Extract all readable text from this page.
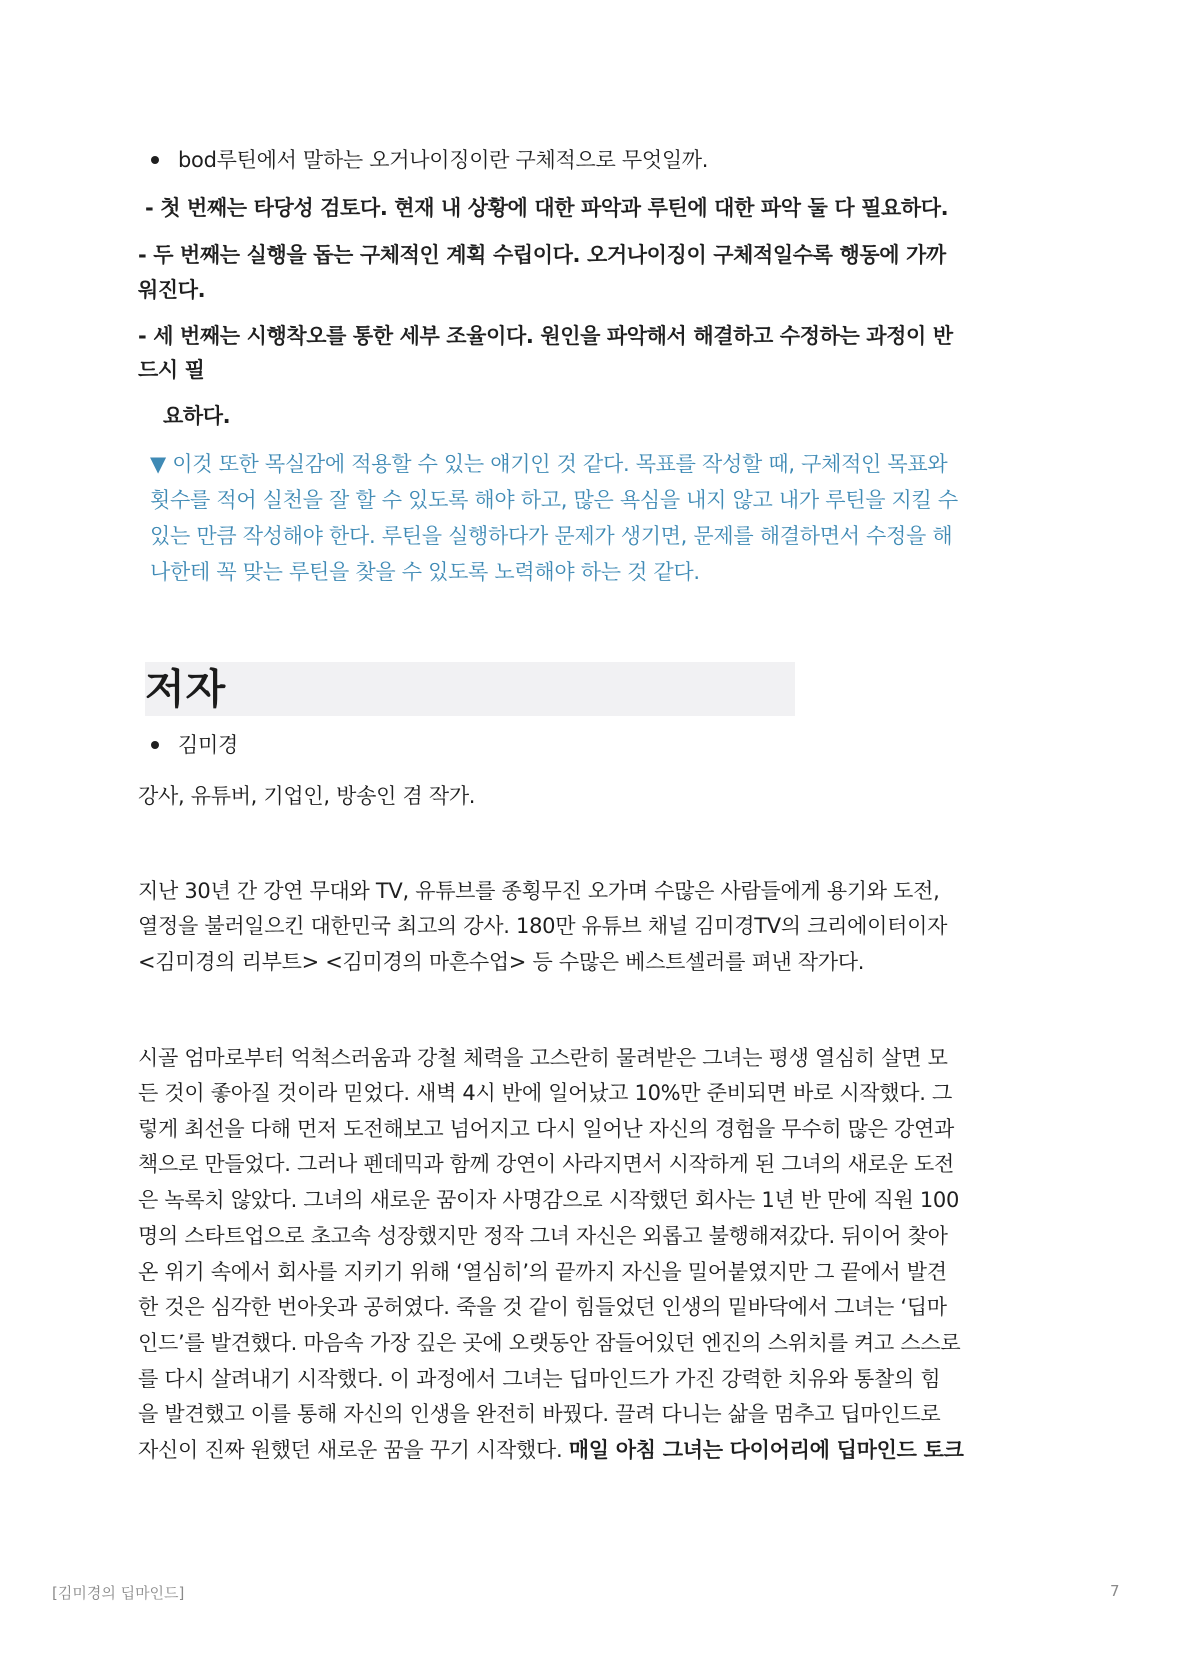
bod루틴에서 말하는 오거나이징이란 구체적으로 무엇일까.
- 첫 번째는 타당성 검토다. 현재 내 상황에 대한 파악과 루틴에 대한 파악 둘 다 필요하다.
- 두 번째는 실행을 돕는 구체적인 계획 수립이다. 오거나이징이 구체적일수록 행동에 가까
워진다.
- 세 번째는 시행착오를 통한 세부 조율이다. 원인을 파악해서 해결하고 수정하는 과정이 반
드시 필
요하다.
▼ 이것 또한 목실감에 적용할 수 있는 얘기인 것 같다. 목표를 작성할 때, 구체적인 목표와
횟수를 적어 실천을 잘 할 수 있도록 해야 하고, 많은 욕심을 내지 않고 내가 루틴을 지킬 수
있는 만큼 작성해야 한다. 루틴을 실행하다가 문제가 생기면, 문제를 해결하면서 수정을 해
나한테 꼭 맞는 루틴을 찾을 수 있도록 노력해야 하는 것 같다.
저자
김미경
강사, 유튜버, 기업인, 방송인 겸 작가.
지난 30년 간 강연 무대와 TV, 유튜브를 종횡무진 오가며 수많은 사람들에게 용기와 도전,
열정을 불러일으킨 대한민국 최고의 강사. 180만 유튜브 채널 김미경TV의 크리에이터이자
<김미경의 리부트> <김미경의 마흔수업> 등 수많은 베스트셀러를 펴낸 작가다.
시골 엄마로부터 억척스러움과 강철 체력을 고스란히 물려받은 그녀는 평생 열심히 살면 모
든 것이 좋아질 것이라 믿었다. 새벽 4시 반에 일어났고 10%만 준비되면 바로 시작했다. 그
렇게 최선을 다해 먼저 도전해보고 넘어지고 다시 일어난 자신의 경험을 무수히 많은 강연과
책으로 만들었다. 그러나 펜데믹과 함께 강연이 사라지면서 시작하게 된 그녀의 새로운 도전
은 녹록치 않았다. 그녀의 새로운 꿈이자 사명감으로 시작했던 회사는 1년 반 만에 직원 100
명의 스타트업으로 초고속 성장했지만 정작 그녀 자신은 외롭고 불행해져갔다. 뒤이어 찾아
온 위기 속에서 회사를 지키기 위해 ‘열심히’의 끝까지 자신을 밀어붙였지만 그 끝에서 발견
한 것은 심각한 번아웃과 공허였다. 죽을 것 같이 힘들었던 인생의 밑바닥에서 그녀는 ‘딥마
인드’를 발견했다. 마음속 가장 깊은 곳에 오랫동안 잠들어있던 엔진의 스위치를 켜고 스스로
를 다시 살려내기 시작했다. 이 과정에서 그녀는 딥마인드가 가진 강력한 치유와 통찰의 힘
을 발견했고 이를 통해 자신의 인생을 완전히 바꿨다. 끌려 다니는 삶을 멈추고 딥마인드로
자신이 진짜 원했던 새로운 꿈을 꾸기 시작했다. 매일 아침 그녀는 다이어리에 딥마인드 토크
[김미경의 딥마인드]	7
